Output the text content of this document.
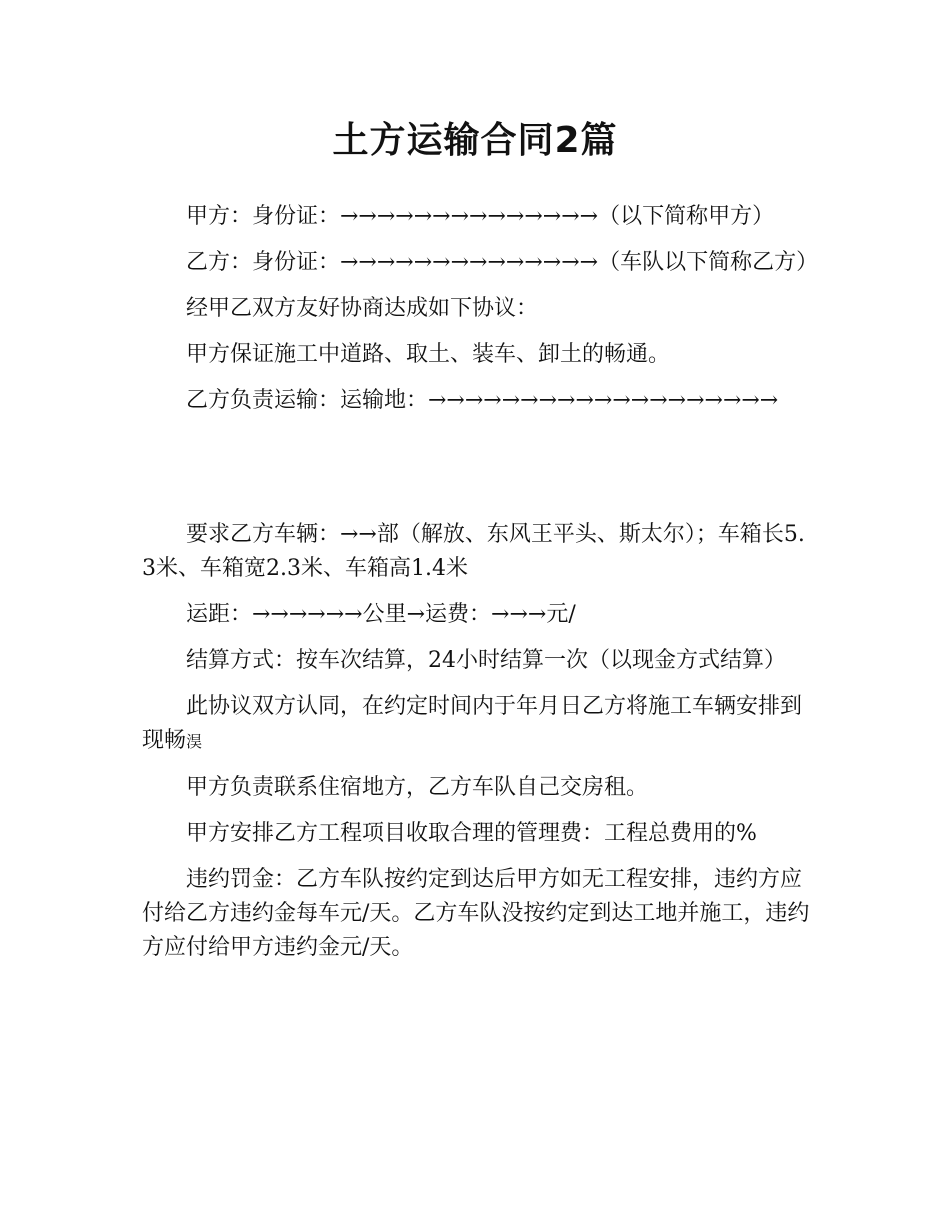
土方运输合同2篇

甲方：身份证：→→→→→→→→→→→→→→（以下简称甲方）

乙方：身份证：→→→→→→→→→→→→→→（车队以下简称乙方）

经甲乙双方友好协商达成如下协议：

甲方保证施工中道路、取土、装车、卸土的畅通。

乙方负责运输：运输地：→→→→→→→→→→→→→→→→→→→

要求乙方车辆：→→部（解放、东风王平头、斯太尔）；车箱长5.3米、车箱宽2.3米、车箱高1.4米

运距：→→→→→→公里→运费：→→→元/

结算方式：按车次结算，24小时结算一次（以现金方式结算）

此协议双方认同，在约定时间内于年月日乙方将施工车辆安排到现畅淏

甲方负责联系住宿地方，乙方车队自己交房租。

甲方安排乙方工程项目收取合理的管理费：工程总费用的%

违约罚金：乙方车队按约定到达后甲方如无工程安排，违约方应付给乙方违约金每车元/天。乙方车队没按约定到达工地并施工，违约方应付给甲方违约金元/天。
